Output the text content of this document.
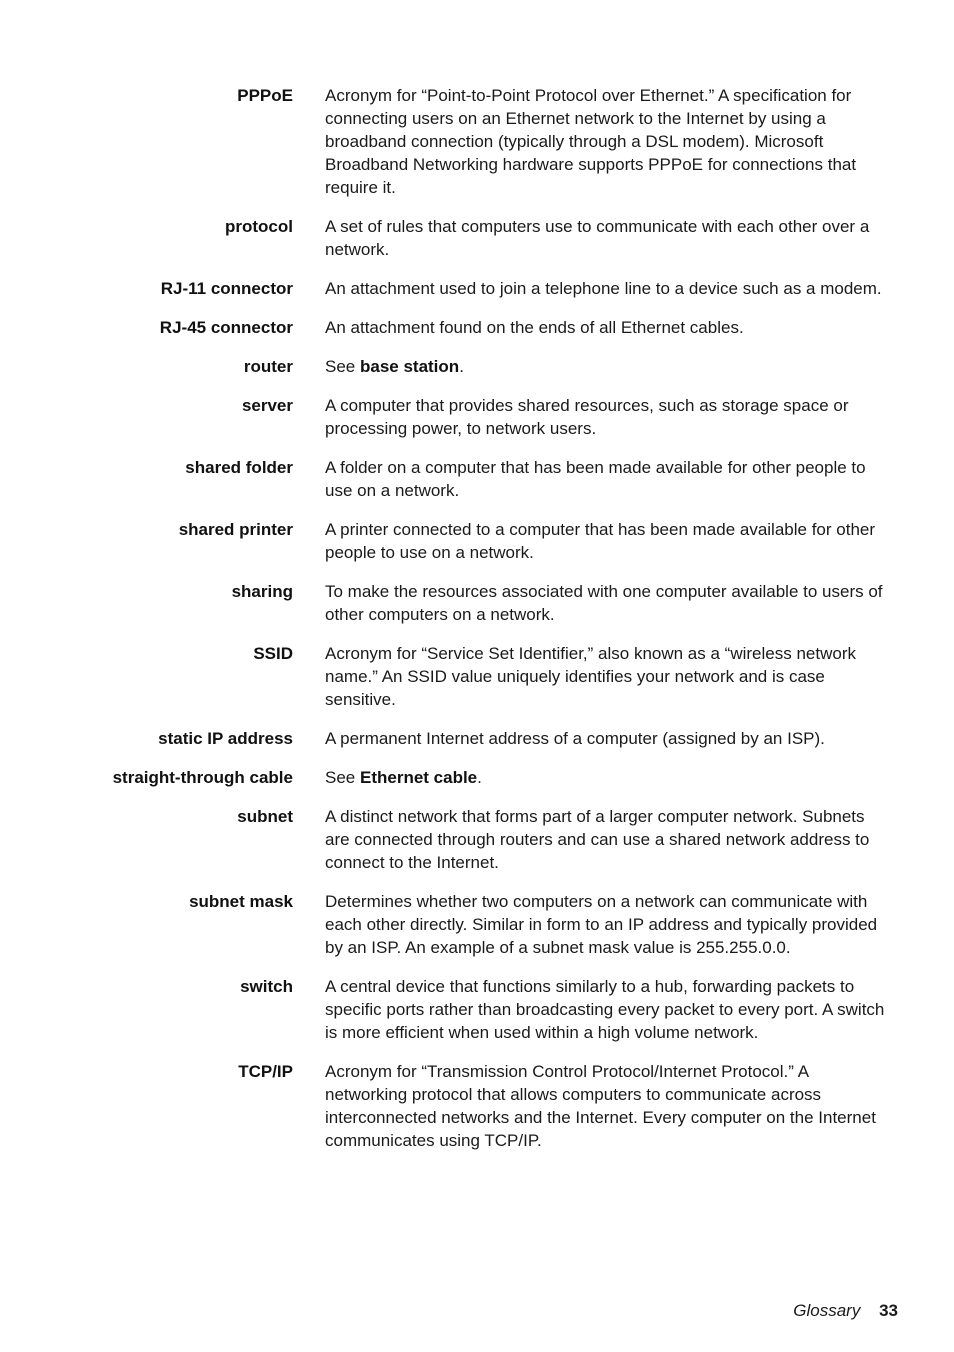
PPPoE Acronym for “Point-to-Point Protocol over Ethernet.” A specification for connecting users on an Ethernet network to the Internet by using a broadband connection (typically through a DSL modem). Microsoft Broadband Networking hardware supports PPPoE for connections that require it.
protocol A set of rules that computers use to communicate with each other over a network.
RJ-11 connector An attachment used to join a telephone line to a device such as a modem.
RJ-45 connector An attachment found on the ends of all Ethernet cables.
router See base station.
server A computer that provides shared resources, such as storage space or processing power, to network users.
shared folder A folder on a computer that has been made available for other people to use on a network.
shared printer A printer connected to a computer that has been made available for other people to use on a network.
sharing To make the resources associated with one computer available to users of other computers on a network.
SSID Acronym for “Service Set Identifier,” also known as a “wireless network name.” An SSID value uniquely identifies your network and is case sensitive.
static IP address A permanent Internet address of a computer (assigned by an ISP).
straight-through cable See Ethernet cable.
subnet A distinct network that forms part of a larger computer network. Subnets are connected through routers and can use a shared network address to connect to the Internet.
subnet mask Determines whether two computers on a network can communicate with each other directly. Similar in form to an IP address and typically provided by an ISP. An example of a subnet mask value is 255.255.0.0.
switch A central device that functions similarly to a hub, forwarding packets to specific ports rather than broadcasting every packet to every port. A switch is more efficient when used within a high volume network.
TCP/IP Acronym for “Transmission Control Protocol/Internet Protocol.” A networking protocol that allows computers to communicate across interconnected networks and the Internet. Every computer on the Internet communicates using TCP/IP.
Glossary 33
